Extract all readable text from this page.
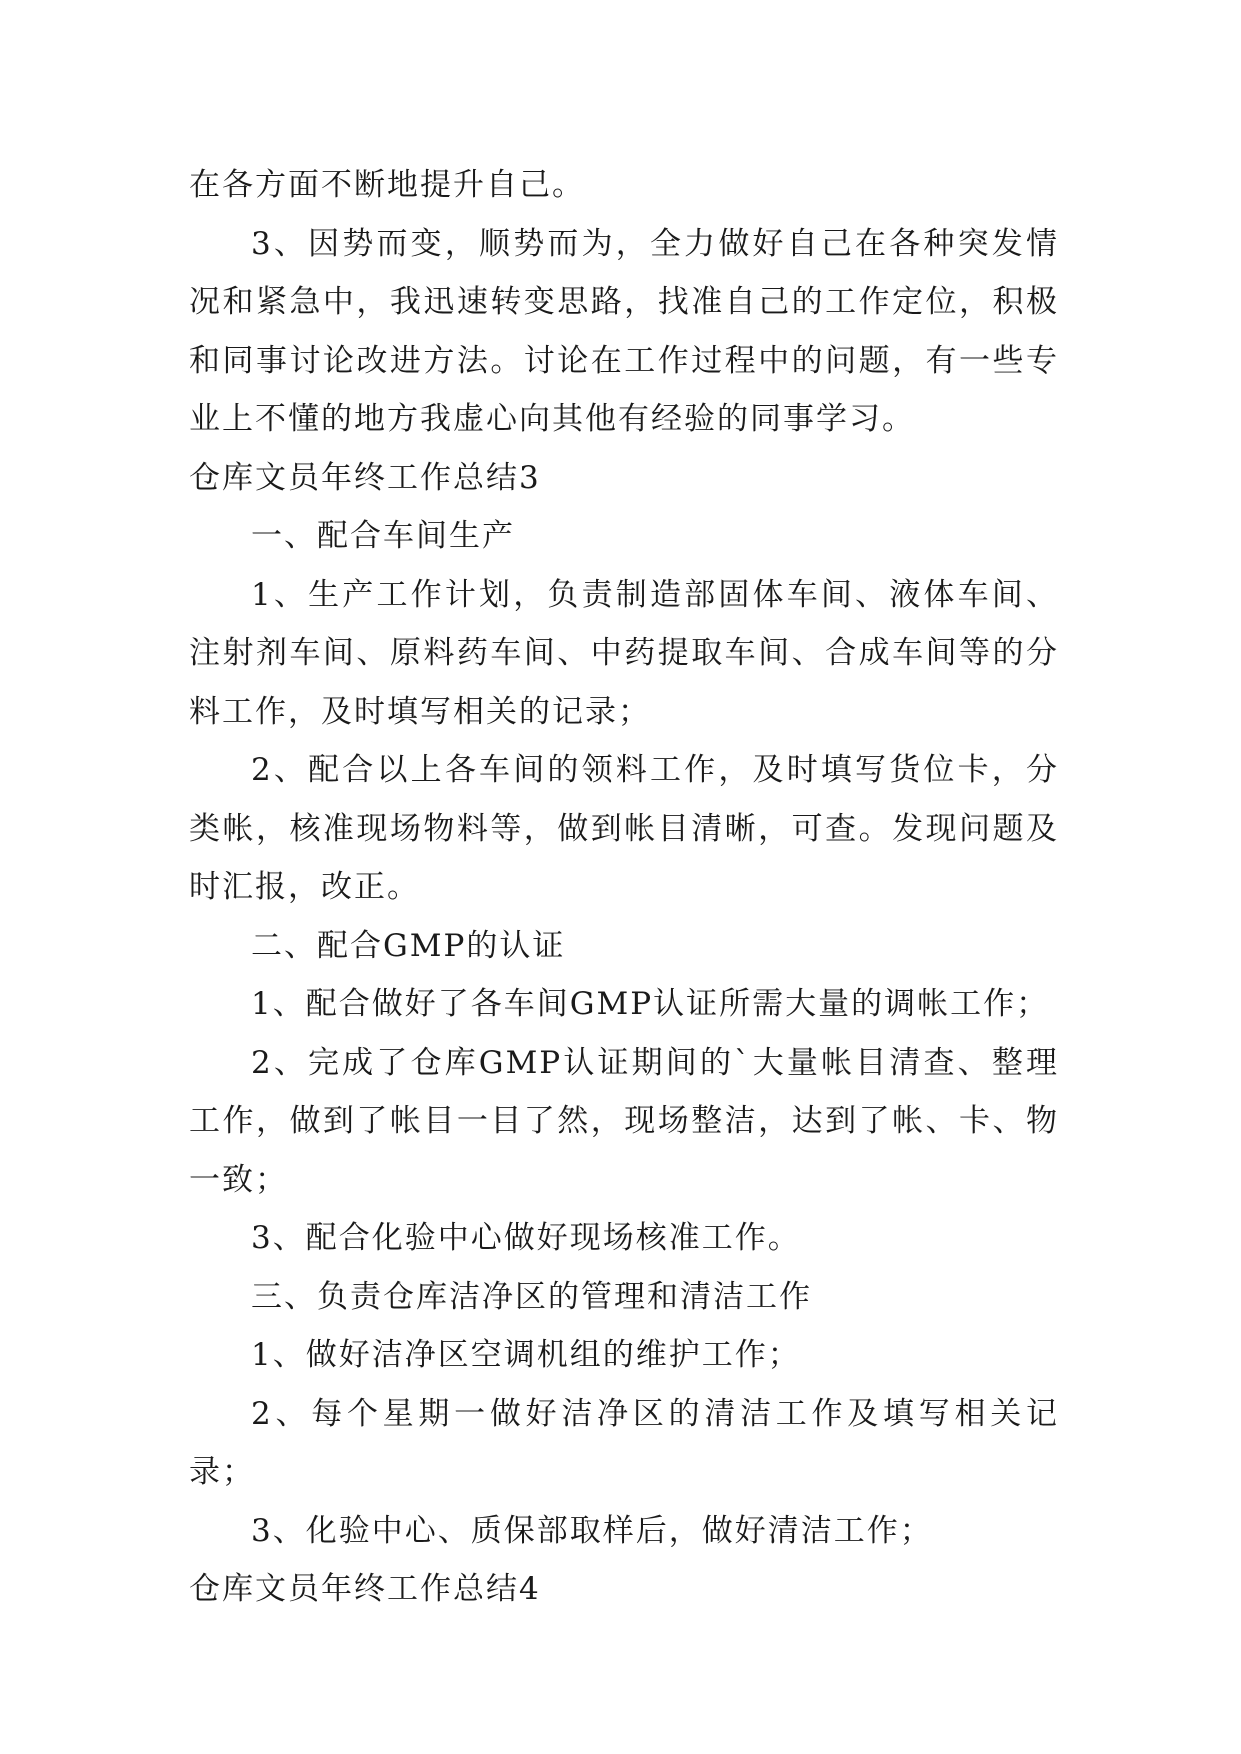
在各方面不断地提升自己。

3、因势而变，顺势而为，全力做好自己在各种突发情况和紧急中，我迅速转变思路，找准自己的工作定位，积极和同事讨论改进方法。讨论在工作过程中的问题，有一些专业上不懂的地方我虚心向其他有经验的同事学习。

仓库文员年终工作总结3

一、配合车间生产

1、生产工作计划，负责制造部固体车间、液体车间、注射剂车间、原料药车间、中药提取车间、合成车间等的分料工作，及时填写相关的记录；

2、配合以上各车间的领料工作，及时填写货位卡，分类帐，核准现场物料等，做到帐目清晰，可查。发现问题及时汇报，改正。

二、配合GMP的认证

1、配合做好了各车间GMP认证所需大量的调帐工作；

2、完成了仓库GMP认证期间的`大量帐目清查、整理工作，做到了帐目一目了然，现场整洁，达到了帐、卡、物一致；

3、配合化验中心做好现场核准工作。

三、负责仓库洁净区的管理和清洁工作

1、做好洁净区空调机组的维护工作；

2、每个星期一做好洁净区的清洁工作及填写相关记录；

3、化验中心、质保部取样后，做好清洁工作；

仓库文员年终工作总结4
